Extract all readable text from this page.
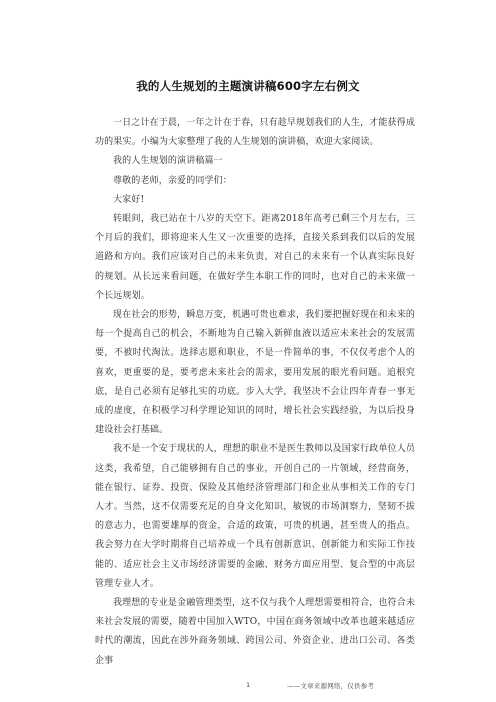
我的人生规划的主题演讲稿600字左右例文

一日之计在于晨，一年之计在于春，只有趁早规划我们的人生，才能获得成功的果实。小编为大家整理了我的人生规划的演讲稿，欢迎大家阅读。

我的人生规划的演讲稿篇一

尊敬的老师，亲爱的同学们：

大家好!

转眼间，我已站在十八岁的天空下。距离2018年高考已剩三个月左右，三个月后的我们，即将迎来人生又一次重要的选择，直接关系到我们以后的发展道路和方向。我们应该对自己的未来负责，对自己的未来有一个认真实际良好的规划。从长远来看问题，在做好学生本职工作的同时，也对自己的未来做一个长远规划。

现在社会的形势，瞬息万变，机遇可贵也难求，我们要把握好现在和未来的每一个提高自己的机会，不断地为自己输入新鲜血液以适应未来社会的发展需要，不被时代淘汰。选择志愿和职业，不是一件简单的事，不仅仅考虑个人的喜欢，更重要的是，要考虑未来社会的需求，要用发展的眼光看问题。追根究底，是自己必须有足够扎实的功底。步入大学，我坚决不会让四年青春一事无成的虚度，在积极学习科学理论知识的同时，增长社会实践经验，为以后投身建设社会打基础。

我不是一个安于现状的人，理想的职业不是医生教师以及国家行政单位人员这类，我希望，自己能够拥有自己的事业，开创自己的一片领域，经营商务，能在银行、证券、投资、保险及其他经济管理部门和企业从事相关工作的专门人才。当然，这不仅需要充足的自身文化知识，敏锐的市场洞察力，坚韧不拔的意志力，也需要雄厚的资金，合适的政策，可贵的机遇，甚至贵人的指点。我会努力在大学时期将自己培养成一个具有创新意识、创新能力和实际工作技能的、适应社会主义市场经济需要的金融、财务方面应用型、复合型的中高层管理专业人才。

我理想的专业是金融管理类型，这不仅与我个人理想需要相符合，也符合未来社会发展的需要，随着中国加入WTO，中国在商务领域中改革也越来越适应时代的潮流，因此在涉外商务领域、跨国公司、外资企业、进出口公司、各类企事

1	——文章来源网络，仅供参考
